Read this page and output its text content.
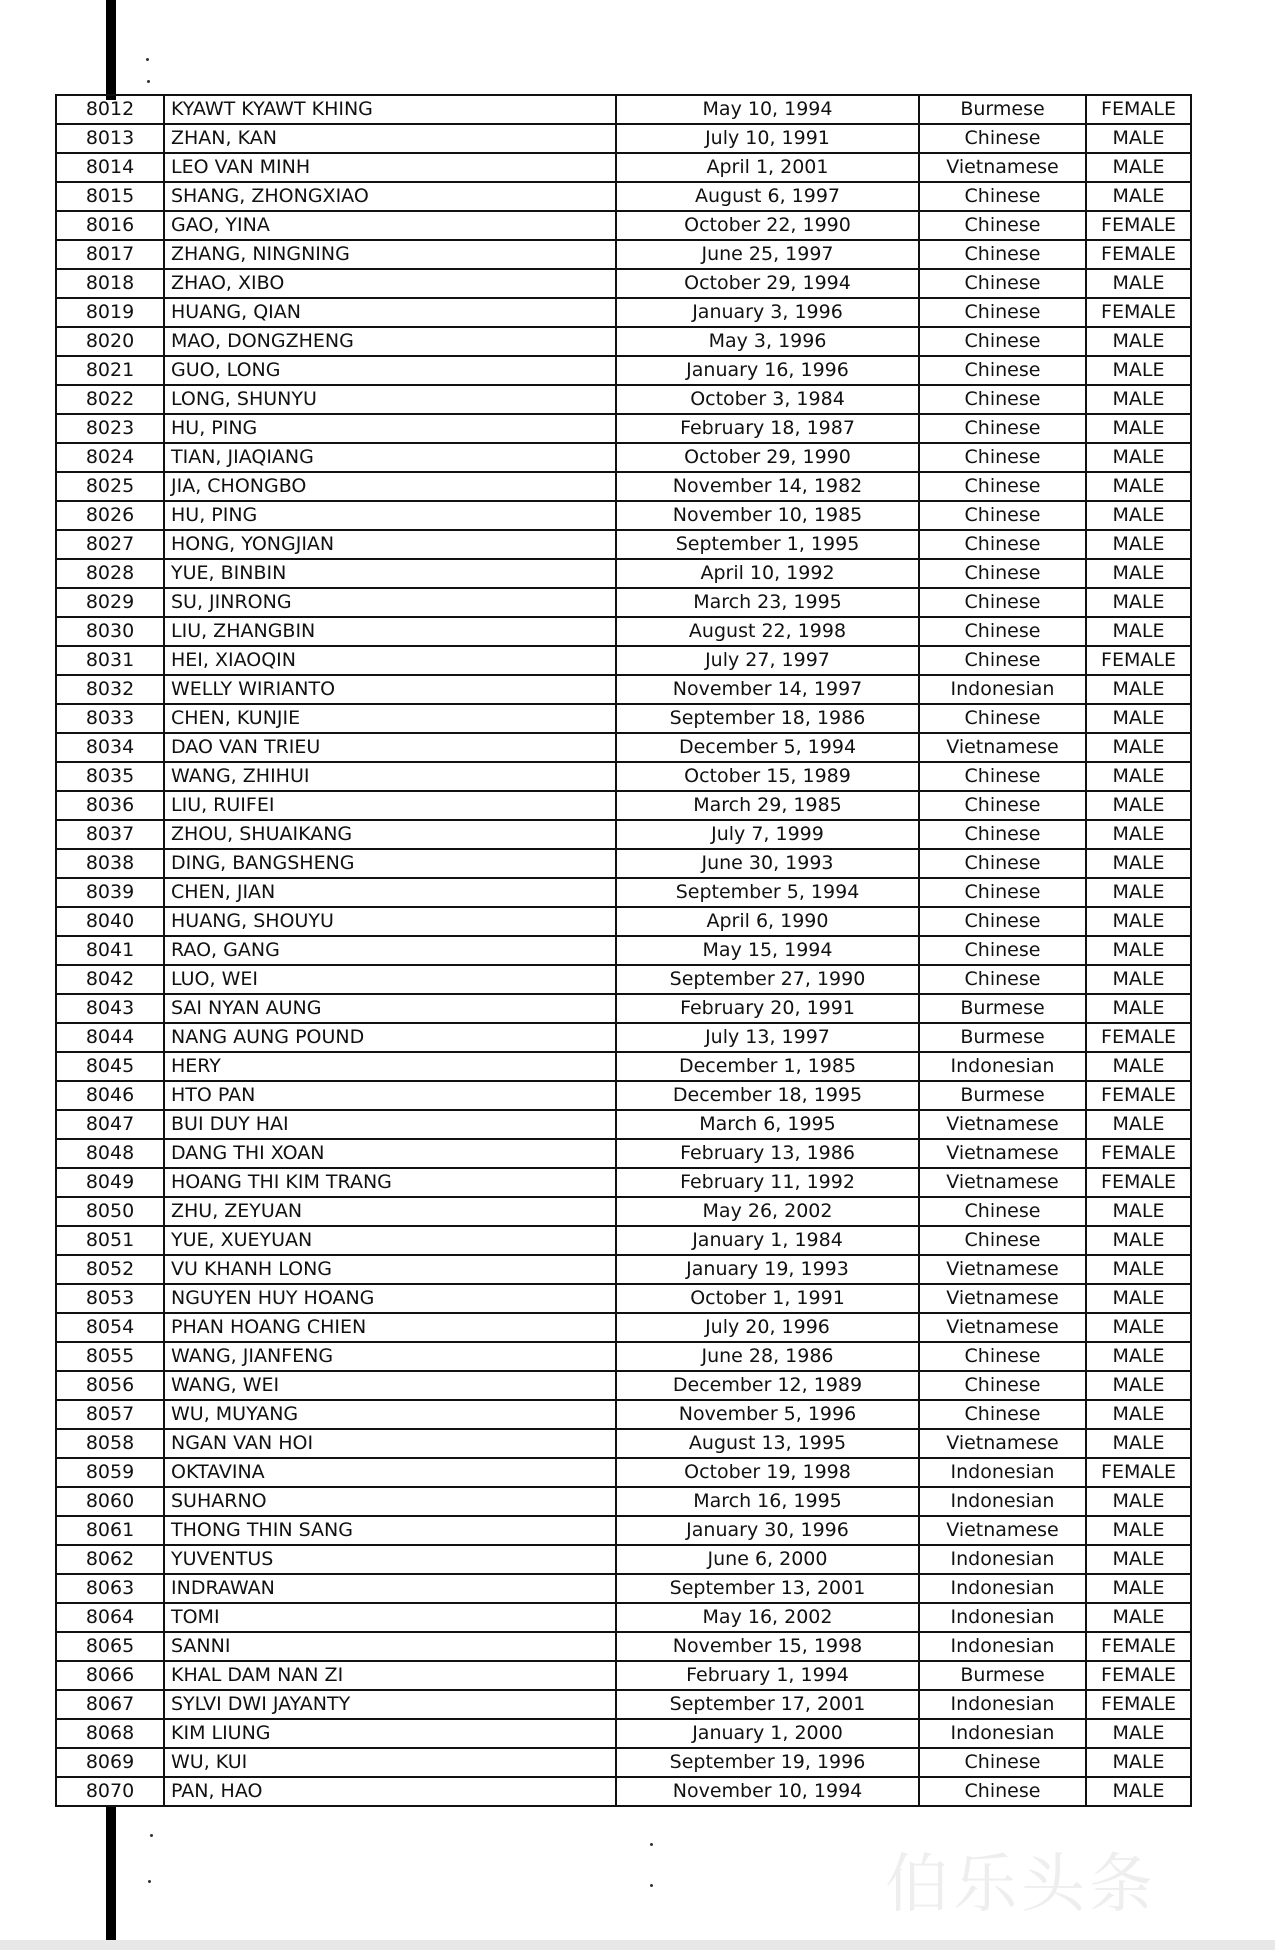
8012	KYAWT KYAWT KHING	May 10, 1994	Burmese	FEMALE
8013	ZHAN, KAN	July 10, 1991	Chinese	MALE
8014	LEO VAN MINH	April 1, 2001	Vietnamese	MALE
8015	SHANG, ZHONGXIAO	August 6, 1997	Chinese	MALE
8016	GAO, YINA	October 22, 1990	Chinese	FEMALE
8017	ZHANG, NINGNING	June 25, 1997	Chinese	FEMALE
8018	ZHAO, XIBO	October 29, 1994	Chinese	MALE
8019	HUANG, QIAN	January 3, 1996	Chinese	FEMALE
8020	MAO, DONGZHENG	May 3, 1996	Chinese	MALE
8021	GUO, LONG	January 16, 1996	Chinese	MALE
8022	LONG, SHUNYU	October 3, 1984	Chinese	MALE
8023	HU, PING	February 18, 1987	Chinese	MALE
8024	TIAN, JIAQIANG	October 29, 1990	Chinese	MALE
8025	JIA, CHONGBO	November 14, 1982	Chinese	MALE
8026	HU, PING	November 10, 1985	Chinese	MALE
8027	HONG, YONGJIAN	September 1, 1995	Chinese	MALE
8028	YUE, BINBIN	April 10, 1992	Chinese	MALE
8029	SU, JINRONG	March 23, 1995	Chinese	MALE
8030	LIU, ZHANGBIN	August 22, 1998	Chinese	MALE
8031	HEI, XIAOQIN	July 27, 1997	Chinese	FEMALE
8032	WELLY WIRIANTO	November 14, 1997	Indonesian	MALE
8033	CHEN, KUNJIE	September 18, 1986	Chinese	MALE
8034	DAO VAN TRIEU	December 5, 1994	Vietnamese	MALE
8035	WANG, ZHIHUI	October 15, 1989	Chinese	MALE
8036	LIU, RUIFEI	March 29, 1985	Chinese	MALE
8037	ZHOU, SHUAIKANG	July 7, 1999	Chinese	MALE
8038	DING, BANGSHENG	June 30, 1993	Chinese	MALE
8039	CHEN, JIAN	September 5, 1994	Chinese	MALE
8040	HUANG, SHOUYU	April 6, 1990	Chinese	MALE
8041	RAO, GANG	May 15, 1994	Chinese	MALE
8042	LUO, WEI	September 27, 1990	Chinese	MALE
8043	SAI NYAN AUNG	February 20, 1991	Burmese	MALE
8044	NANG AUNG POUND	July 13, 1997	Burmese	FEMALE
8045	HERY	December 1, 1985	Indonesian	MALE
8046	HTO PAN	December 18, 1995	Burmese	FEMALE
8047	BUI DUY HAI	March 6, 1995	Vietnamese	MALE
8048	DANG THI XOAN	February 13, 1986	Vietnamese	FEMALE
8049	HOANG THI KIM TRANG	February 11, 1992	Vietnamese	FEMALE
8050	ZHU, ZEYUAN	May 26, 2002	Chinese	MALE
8051	YUE, XUEYUAN	January 1, 1984	Chinese	MALE
8052	VU KHANH LONG	January 19, 1993	Vietnamese	MALE
8053	NGUYEN HUY HOANG	October 1, 1991	Vietnamese	MALE
8054	PHAN HOANG CHIEN	July 20, 1996	Vietnamese	MALE
8055	WANG, JIANFENG	June 28, 1986	Chinese	MALE
8056	WANG, WEI	December 12, 1989	Chinese	MALE
8057	WU, MUYANG	November 5, 1996	Chinese	MALE
8058	NGAN VAN HOI	August 13, 1995	Vietnamese	MALE
8059	OKTAVINA	October 19, 1998	Indonesian	FEMALE
8060	SUHARNO	March 16, 1995	Indonesian	MALE
8061	THONG THIN SANG	January 30, 1996	Vietnamese	MALE
8062	YUVENTUS	June 6, 2000	Indonesian	MALE
8063	INDRAWAN	September 13, 2001	Indonesian	MALE
8064	TOMI	May 16, 2002	Indonesian	MALE
8065	SANNI	November 15, 1998	Indonesian	FEMALE
8066	KHAL DAM NAN ZI	February 1, 1994	Burmese	FEMALE
8067	SYLVI DWI JAYANTY	September 17, 2001	Indonesian	FEMALE
8068	KIM LIUNG	January 1, 2000	Indonesian	MALE
8069	WU, KUI	September 19, 1996	Chinese	MALE
8070	PAN, HAO	November 10, 1994	Chinese	MALE
伯乐头条
